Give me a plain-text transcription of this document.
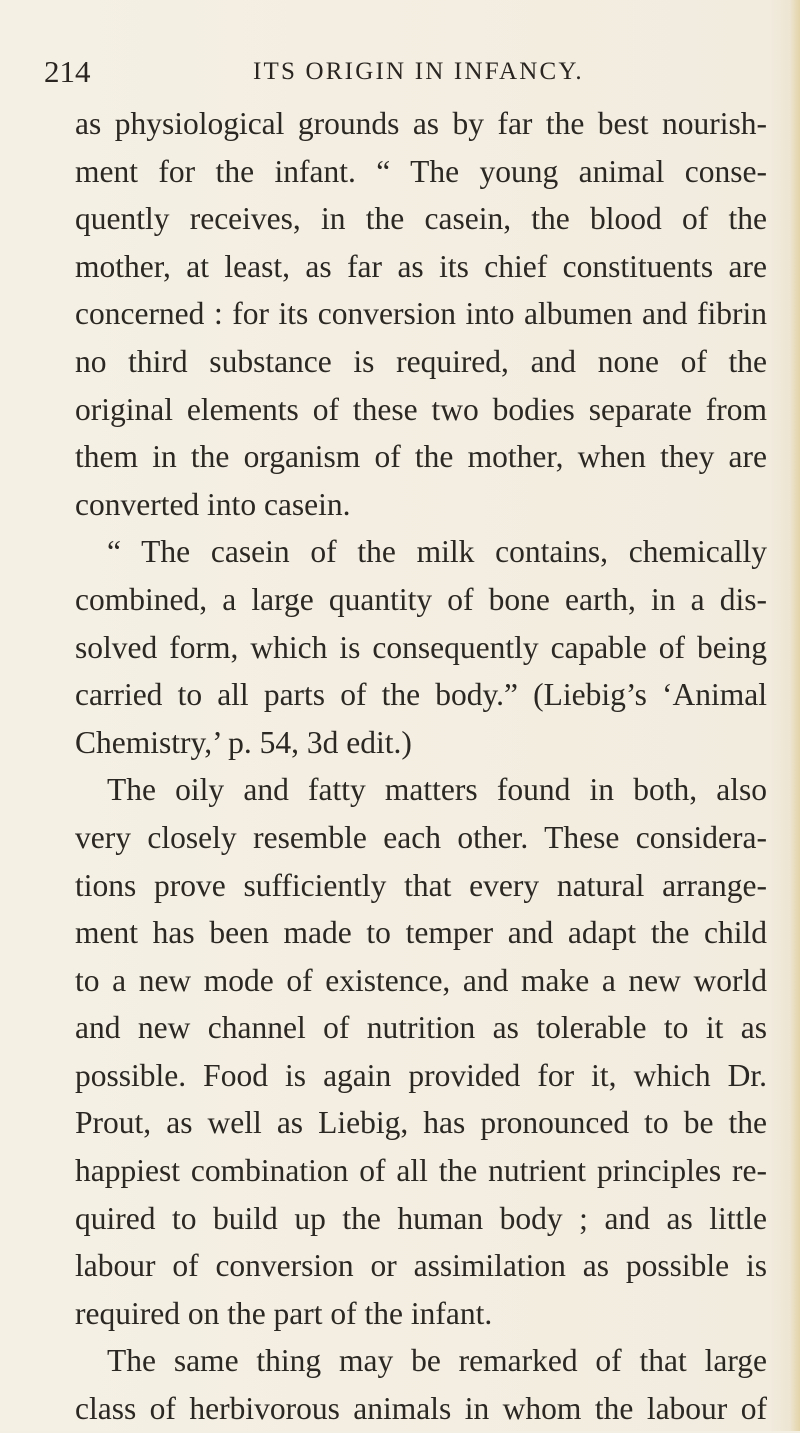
214	ITS ORIGIN IN INFANCY.
as physiological grounds as by far the best nourish-
ment for the infant. “ The young animal conse-
quently receives, in the casein, the blood of the
mother, at least, as far as its chief constituents are
concerned : for its conversion into albumen and fibrin
no third substance is required, and none of the
original elements of these two bodies separate from
them in the organism of the mother, when they are
converted into casein.
“ The casein of the milk contains, chemically
combined, a large quantity of bone earth, in a dis-
solved form, which is consequently capable of being
carried to all parts of the body.” (Liebig’s ‘Animal
Chemistry,’ p. 54, 3d edit.)
The oily and fatty matters found in both, also
very closely resemble each other. These considera-
tions prove sufficiently that every natural arrange-
ment has been made to temper and adapt the child
to a new mode of existence, and make a new world
and new channel of nutrition as tolerable to it as
possible. Food is again provided for it, which Dr.
Prout, as well as Liebig, has pronounced to be the
happiest combination of all the nutrient principles re-
quired to build up the human body ; and as little
labour of conversion or assimilation as possible is
required on the part of the infant.
The same thing may be remarked of that large
class of herbivorous animals in whom the labour of
